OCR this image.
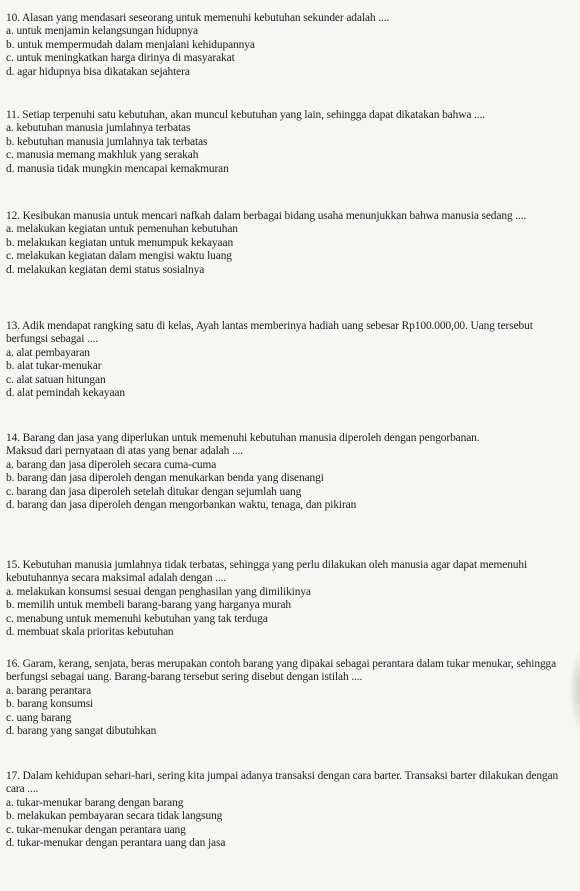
10. Alasan yang mendasari seseorang untuk memenuhi kebutuhan sekunder adalah ....

a. untuk menjamin kelangsungan hidupnya
b. untuk mempermudah dalam menjalani kehidupannya
c. untuk meningkatkan harga dirinya di masyarakat
d. agar hidupnya bisa dikatakan sejahtera

11. Setiap terpenuhi satu kebutuhan, akan muncul kebutuhan yang lain, sehingga dapat dikatakan bahwa ....

a. kebutuhan manusia jumlahnya terbatas
b. kebutuhan manusia jumlahnya tak terbatas
c. manusia memang makhluk yang serakah
d. manusia tidak mungkin mencapai kemakmuran

12. Kesibukan manusia untuk mencari nafkah dalam berbagai bidang usaha menunjukkan bahwa manusia sedang ....

a. melakukan kegiatan untuk pemenuhan kebutuhan
b. melakukan kegiatan untuk menumpuk kekayaan
c. melakukan kegiatan dalam mengisi waktu luang
d. melakukan kegiatan demi status sosialnya

13. Adik mendapat rangking satu di kelas, Ayah lantas memberinya hadiah uang sebesar Rp100.000,00. Uang tersebut berfungsi sebagai ....

a. alat pembayaran
b. alat tukar-menukar
c. alat satuan hitungan
d. alat pemindah kekayaan

14. Barang dan jasa yang diperlukan untuk memenuhi kebutuhan manusia diperoleh dengan pengorbanan.

Maksud dari pernyataan di atas yang benar adalah ....

a. barang dan jasa diperoleh secara cuma-cuma
b. barang dan jasa diperoleh dengan menukarkan benda yang disenangi
c. barang dan jasa diperoleh setelah ditukar dengan sejumlah uang
d. barang dan jasa diperoleh dengan mengorbankan waktu, tenaga, dan pikiran

15. Kebutuhan manusia jumlahnya tidak terbatas, sehingga yang perlu dilakukan oleh manusia agar dapat memenuhi kebutuhannya secara maksimal adalah dengan ....

a. melakukan konsumsi sesuai dengan penghasilan yang dimilikinya
b. memilih untuk membeli barang-barang yang harganya murah
c. menabung untuk memenuhi kebutuhan yang tak terduga
d. membuat skala prioritas kebutuhan

16. Garam, kerang, senjata, beras merupakan contoh barang yang dipakai sebagai perantara dalam tukar menukar, sehingga berfungsi sebagai uang. Barang-barang tersebut sering disebut dengan istilah ....

a. barang perantara
b. barang konsumsi
c. uang barang
d. barang yang sangat dibutuhkan

17. Dalam kehidupan sehari-hari, sering kita jumpai adanya transaksi dengan cara barter. Transaksi barter dilakukan dengan cara ....

a. tukar-menukar barang dengan barang
b. melakukan pembayaran secara tidak langsung
c. tukar-menukar dengan perantara uang
d. tukar-menukar dengan perantara uang dan jasa
